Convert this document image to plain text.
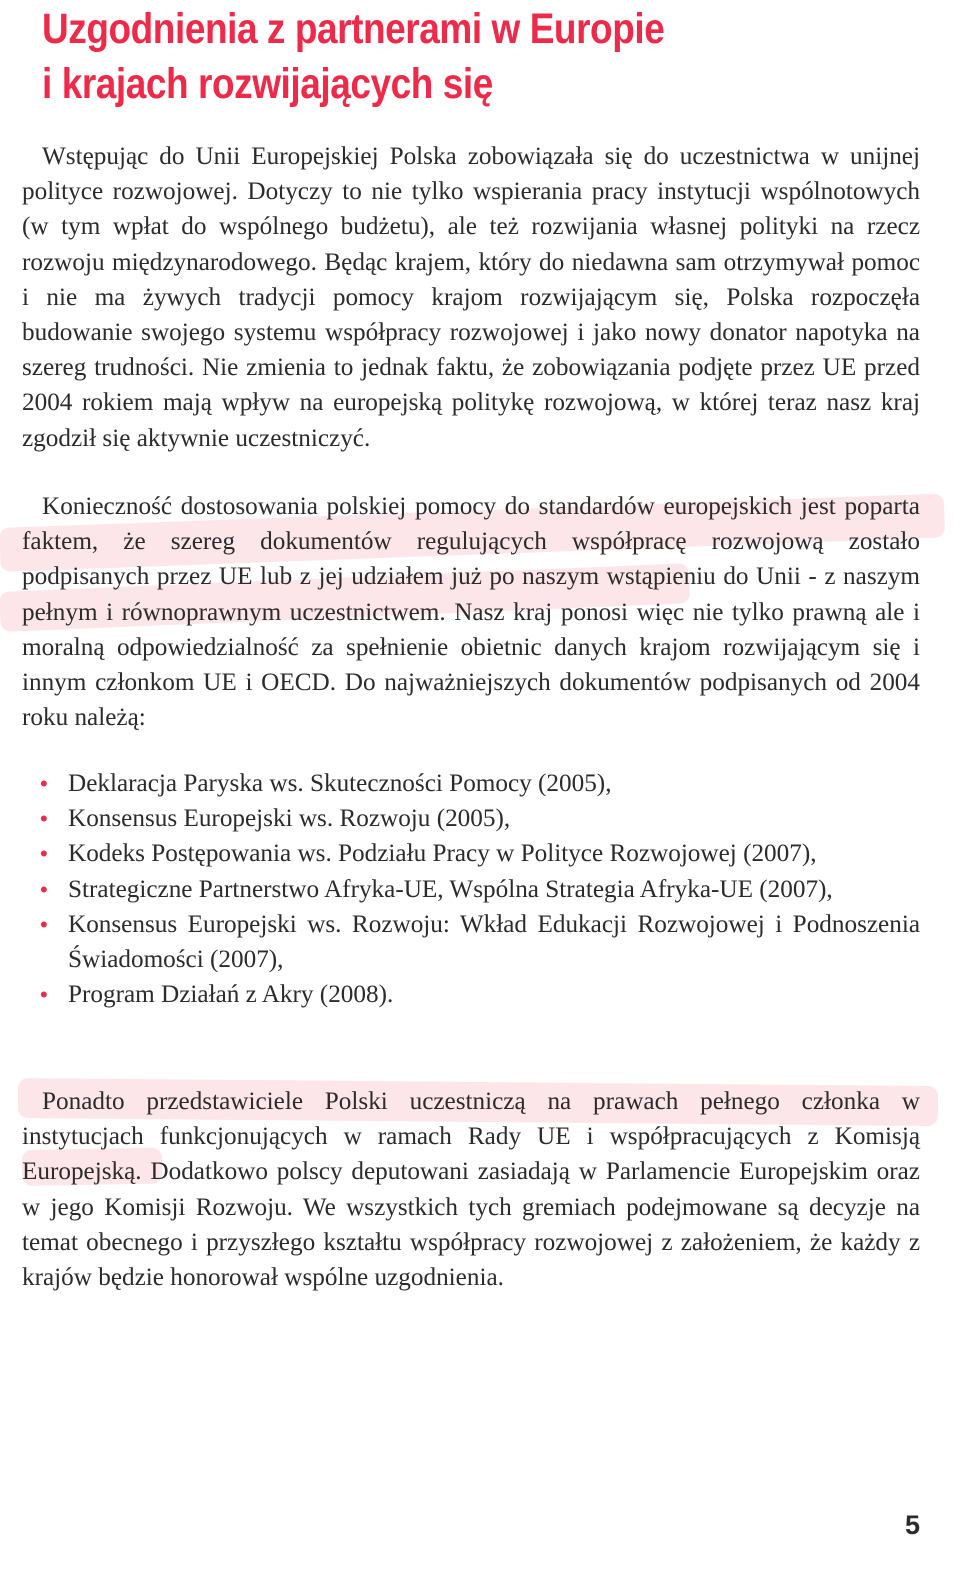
Uzgodnienia z partnerami w Europie
i krajach rozwijających się

Wstępując do Unii Europejskiej Polska zobowiązała się do uczestnictwa w unijnej polityce rozwojowej. Dotyczy to nie tylko wspierania pracy instytucji wspólnotowych (w tym wpłat do wspólnego budżetu), ale też rozwijania własnej polityki na rzecz rozwoju międzynarodowego. Będąc krajem, który do niedawna sam otrzymywał pomoc i nie ma żywych tradycji pomocy krajom rozwijającym się, Polska rozpoczęła budowanie swojego systemu współpracy rozwojowej i jako nowy donator napotyka na szereg trudności. Nie zmienia to jednak faktu, że zobowiązania podjęte przez UE przed 2004 rokiem mają wpływ na europejską politykę rozwojową, w której teraz nasz kraj zgodził się aktywnie uczestniczyć.

Konieczność dostosowania polskiej pomocy do standardów europejskich jest poparta faktem, że szereg dokumentów regulujących współpracę rozwojową zostało podpisanych przez UE lub z jej udziałem już po naszym wstąpieniu do Unii - z naszym pełnym i równoprawnym uczestnictwem. Nasz kraj ponosi więc nie tylko prawną ale i moralną odpowiedzialność za spełnienie obietnic danych krajom rozwijającym się i innym członkom UE i OECD. Do najważniejszych dokumentów podpisanych od 2004 roku należą:

• Deklaracja Paryska ws. Skuteczności Pomocy (2005),
• Konsensus Europejski ws. Rozwoju (2005),
• Kodeks Postępowania ws. Podziału Pracy w Polityce Rozwojowej (2007),
• Strategiczne Partnerstwo Afryka-UE, Wspólna Strategia Afryka-UE (2007),
• Konsensus Europejski ws. Rozwoju: Wkład Edukacji Rozwojowej i Podnoszenia Świadomości (2007),
• Program Działań z Akry (2008).

Ponadto przedstawiciele Polski uczestniczą na prawach pełnego członka w instytucjach funkcjonujących w ramach Rady UE i współpracujących z Komisją Europejską. Dodatkowo polscy deputowani zasiadają w Parlamencie Europejskim oraz w jego Komisji Rozwoju. We wszystkich tych gremiach podejmowane są decyzje na temat obecnego i przyszłego kształtu współpracy rozwojowej z założeniem, że każdy z krajów będzie honorował wspólne uzgodnienia.

5
